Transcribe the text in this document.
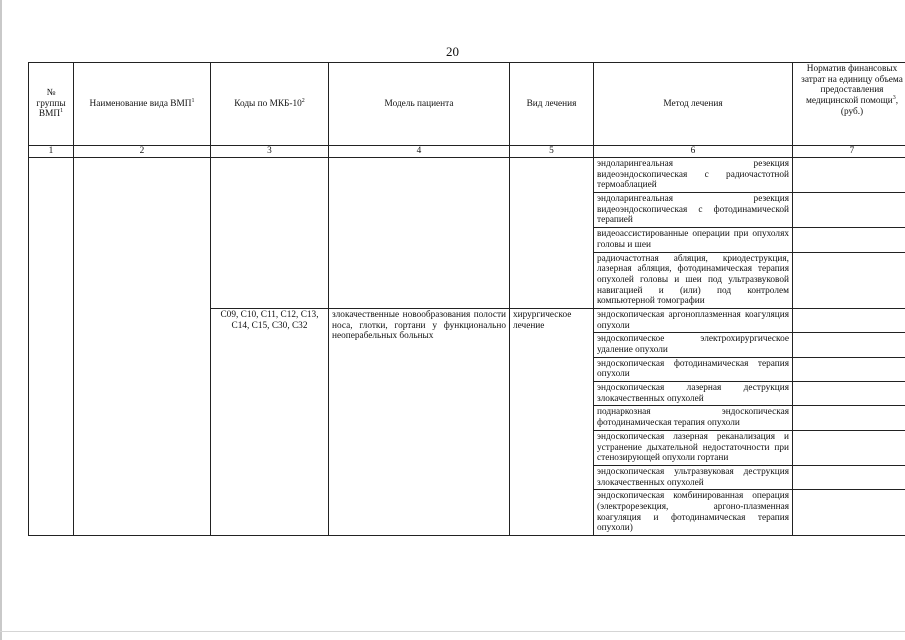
20
№ группы ВМП$^1$	Наименование вида ВМП$^1$	Коды по МКБ-$10^2$	Модель пациента	Вид лечения	Метод лечения	Норматив финансовых затрат на единицу объема предоставления медицинской помощи$^3$, (руб.)
1	2	3	4	5	6	7
					эндоларингеальная резекция видеоэндоскопическая с радиочастотной термоаблацией	
					эндоларингеальная резекция видеоэндоскопическая с фотодинамической терапией	
					видеоассистированные операции при опухолях головы и шеи	
					радиочастотная абляция, криодеструкция, лазерная абляция, фотодинамическая терапия опухолей головы и шеи под ультразвуковой навигацией и (или) под контролем компьютерной томографии	
		C09, C10, C11, C12, C13, C14, C15, C30, C32	злокачественные новообразования полости носа, глотки, гортани у функционально неоперабельных больных	хирургическое лечение	эндоскопическая аргоноплазменная коагуляция опухоли	
					эндоскопическое электрохирургическое удаление опухоли	
					эндоскопическая фотодинамическая терапия опухоли	
					эндоскопическая лазерная деструкция злокачественных опухолей	
					поднаркозная эндоскопическая фотодинамическая терапия опухоли	
					эндоскопическая лазерная реканализация и устранение дыхательной недостаточности при стенозирующей опухоли гортани	
					эндоскопическая ультразвуковая деструкция злокачественных опухолей	
					эндоскопическая комбинированная операция (электрорезекция, аргоно-плазменная коагуляция и фотодинамическая терапия опухоли)	
